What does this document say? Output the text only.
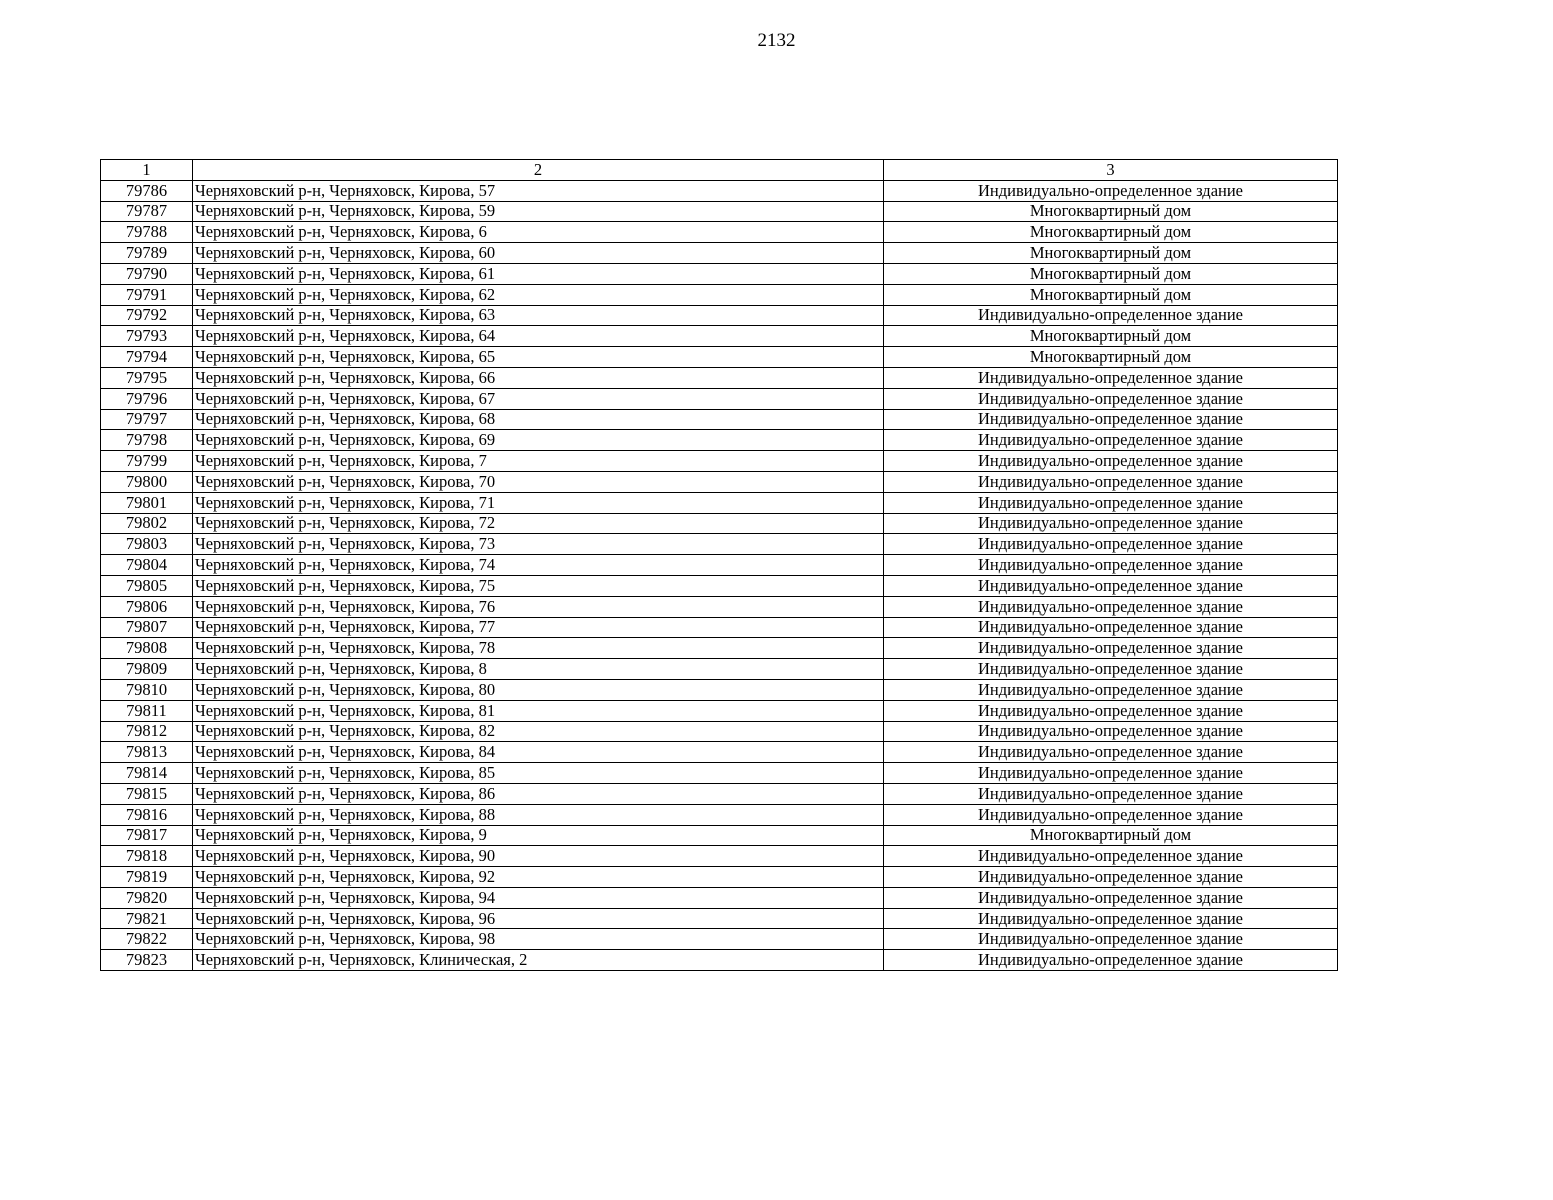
2132
1	2	3
79786	Черняховский р-н, Черняховск, Кирова, 57	Индивидуально-определенное здание
79787	Черняховский р-н, Черняховск, Кирова, 59	Многоквартирный дом
79788	Черняховский р-н, Черняховск, Кирова, 6	Многоквартирный дом
79789	Черняховский р-н, Черняховск, Кирова, 60	Многоквартирный дом
79790	Черняховский р-н, Черняховск, Кирова, 61	Многоквартирный дом
79791	Черняховский р-н, Черняховск, Кирова, 62	Многоквартирный дом
79792	Черняховский р-н, Черняховск, Кирова, 63	Индивидуально-определенное здание
79793	Черняховский р-н, Черняховск, Кирова, 64	Многоквартирный дом
79794	Черняховский р-н, Черняховск, Кирова, 65	Многоквартирный дом
79795	Черняховский р-н, Черняховск, Кирова, 66	Индивидуально-определенное здание
79796	Черняховский р-н, Черняховск, Кирова, 67	Индивидуально-определенное здание
79797	Черняховский р-н, Черняховск, Кирова, 68	Индивидуально-определенное здание
79798	Черняховский р-н, Черняховск, Кирова, 69	Индивидуально-определенное здание
79799	Черняховский р-н, Черняховск, Кирова, 7	Индивидуально-определенное здание
79800	Черняховский р-н, Черняховск, Кирова, 70	Индивидуально-определенное здание
79801	Черняховский р-н, Черняховск, Кирова, 71	Индивидуально-определенное здание
79802	Черняховский р-н, Черняховск, Кирова, 72	Индивидуально-определенное здание
79803	Черняховский р-н, Черняховск, Кирова, 73	Индивидуально-определенное здание
79804	Черняховский р-н, Черняховск, Кирова, 74	Индивидуально-определенное здание
79805	Черняховский р-н, Черняховск, Кирова, 75	Индивидуально-определенное здание
79806	Черняховский р-н, Черняховск, Кирова, 76	Индивидуально-определенное здание
79807	Черняховский р-н, Черняховск, Кирова, 77	Индивидуально-определенное здание
79808	Черняховский р-н, Черняховск, Кирова, 78	Индивидуально-определенное здание
79809	Черняховский р-н, Черняховск, Кирова, 8	Индивидуально-определенное здание
79810	Черняховский р-н, Черняховск, Кирова, 80	Индивидуально-определенное здание
79811	Черняховский р-н, Черняховск, Кирова, 81	Индивидуально-определенное здание
79812	Черняховский р-н, Черняховск, Кирова, 82	Индивидуально-определенное здание
79813	Черняховский р-н, Черняховск, Кирова, 84	Индивидуально-определенное здание
79814	Черняховский р-н, Черняховск, Кирова, 85	Индивидуально-определенное здание
79815	Черняховский р-н, Черняховск, Кирова, 86	Индивидуально-определенное здание
79816	Черняховский р-н, Черняховск, Кирова, 88	Индивидуально-определенное здание
79817	Черняховский р-н, Черняховск, Кирова, 9	Многоквартирный дом
79818	Черняховский р-н, Черняховск, Кирова, 90	Индивидуально-определенное здание
79819	Черняховский р-н, Черняховск, Кирова, 92	Индивидуально-определенное здание
79820	Черняховский р-н, Черняховск, Кирова, 94	Индивидуально-определенное здание
79821	Черняховский р-н, Черняховск, Кирова, 96	Индивидуально-определенное здание
79822	Черняховский р-н, Черняховск, Кирова, 98	Индивидуально-определенное здание
79823	Черняховский р-н, Черняховск, Клиническая, 2	Индивидуально-определенное здание
